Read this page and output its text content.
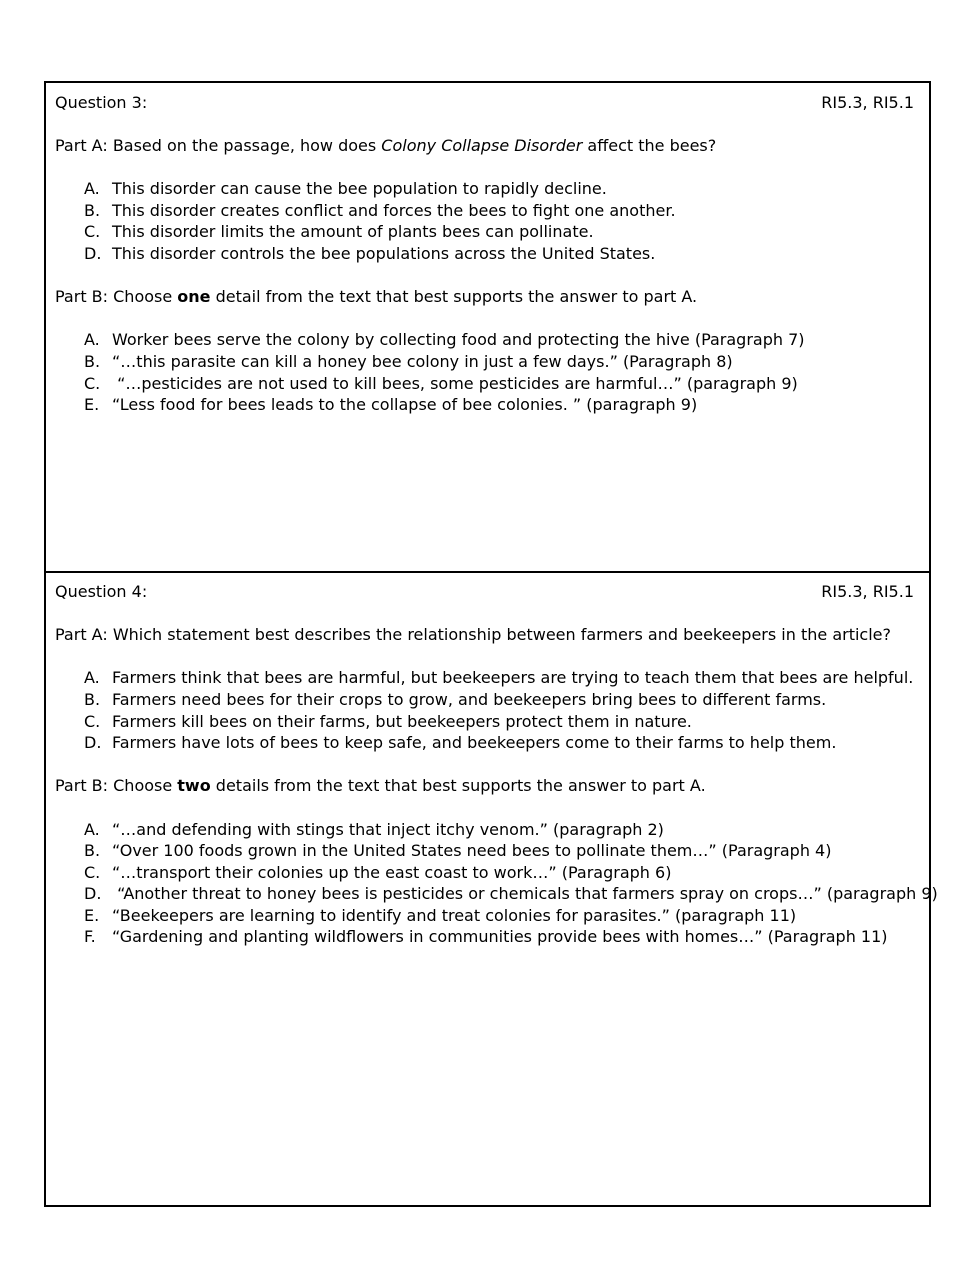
Question 3:	RI5.3, RI5.1
Part A: Based on the passage, how does Colony Collapse Disorder affect the bees?
A. This disorder can cause the bee population to rapidly decline.
B. This disorder creates conflict and forces the bees to fight one another.
C. This disorder limits the amount of plants bees can pollinate.
D. This disorder controls the bee populations across the United States.
Part B: Choose one detail from the text that best supports the answer to part A.
A. Worker bees serve the colony by collecting food and protecting the hive (Paragraph 7)
B. “…this parasite can kill a honey bee colony in just a few days.” (Paragraph 8)
C. “…pesticides are not used to kill bees, some pesticides are harmful…” (paragraph 9)
E. “Less food for bees leads to the collapse of bee colonies. ” (paragraph 9)
Question 4:	RI5.3, RI5.1
Part A: Which statement best describes the relationship between farmers and beekeepers in the article?
A. Farmers think that bees are harmful, but beekeepers are trying to teach them that bees are helpful.
B. Farmers need bees for their crops to grow, and beekeepers bring bees to different farms.
C. Farmers kill bees on their farms, but beekeepers protect them in nature.
D. Farmers have lots of bees to keep safe, and beekeepers come to their farms to help them.
Part B: Choose two details from the text that best supports the answer to part A.
A. “…and defending with stings that inject itchy venom.” (paragraph 2)
B. “Over 100 foods grown in the United States need bees to pollinate them…” (Paragraph 4)
C. “…transport their colonies up the east coast to work…” (Paragraph 6)
D. “Another threat to honey bees is pesticides or chemicals that farmers spray on crops…” (paragraph 9)
E. “Beekeepers are learning to identify and treat colonies for parasites.” (paragraph 11)
F. “Gardening and planting wildflowers in communities provide bees with homes…” (Paragraph 11)
